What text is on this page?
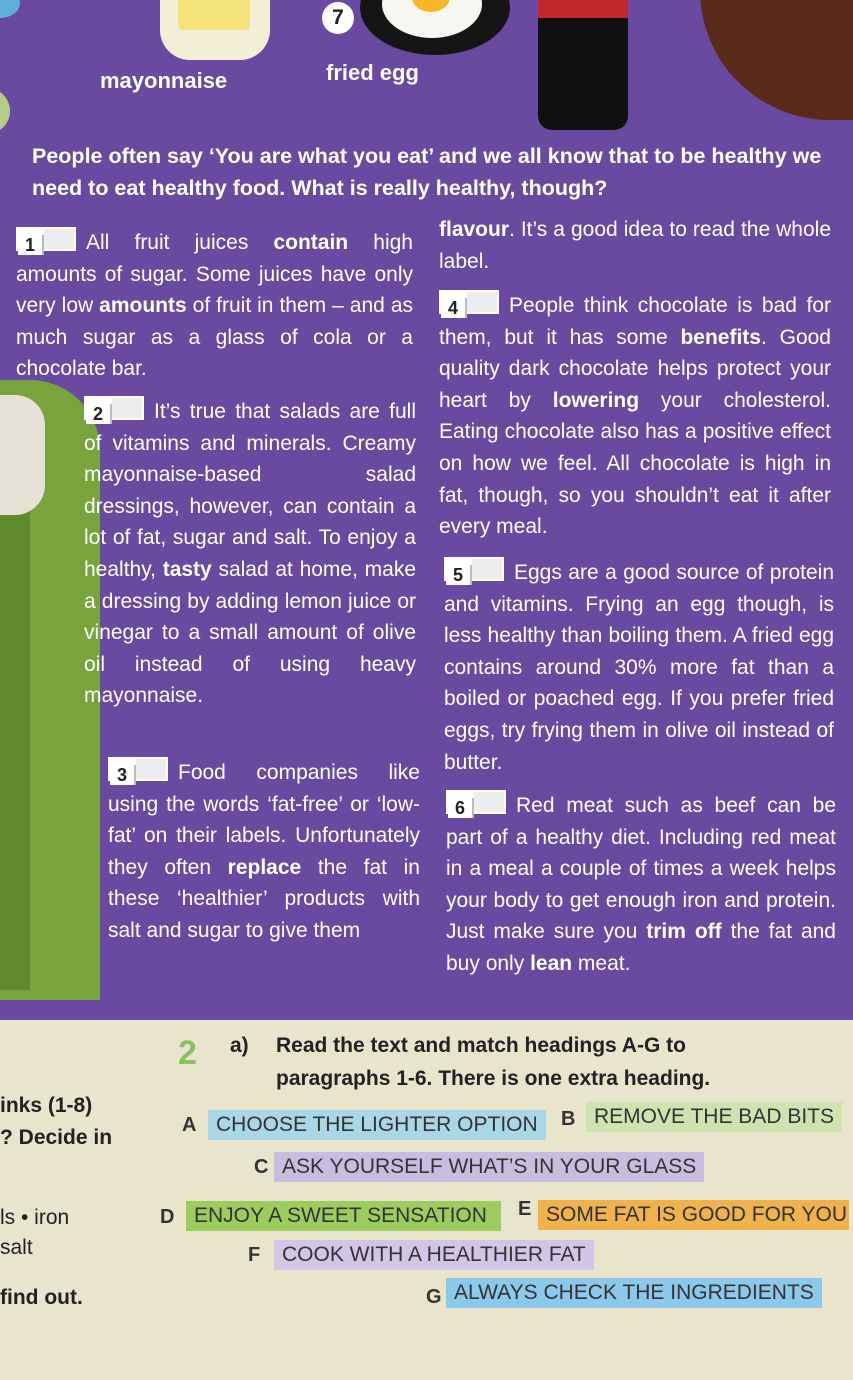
7
mayonnaise	fried egg
People often say ‘You are what you eat’ and we all know that to be healthy we need to eat healthy food. What is really healthy, though?
1 All fruit juices contain high amounts of sugar. Some juices have only very low amounts of fruit in them – and as much sugar as a glass of cola or a chocolate bar.
2 It’s true that salads are full of vitamins and minerals. Creamy mayonnaise-based salad dressings, however, can contain a lot of fat, sugar and salt. To enjoy a healthy, tasty salad at home, make a dressing by adding lemon juice or vinegar to a small amount of olive oil instead of using heavy mayonnaise.
3 Food companies like using the words ‘fat-free’ or ‘low-fat’ on their labels. Unfortunately they often replace the fat in these ‘healthier’ products with salt and sugar to give them
flavour. It’s a good idea to read the whole label.
4 People think chocolate is bad for them, but it has some benefits. Good quality dark chocolate helps protect your heart by lowering your cholesterol. Eating chocolate also has a positive effect on how we feel. All chocolate is high in fat, though, so you shouldn’t eat it after every meal.
5 Eggs are a good source of protein and vitamins. Frying an egg though, is less healthy than boiling them. A fried egg contains around 30% more fat than a boiled or poached egg. If you prefer fried eggs, try frying them in olive oil instead of butter.
6 Red meat such as beef can be part of a healthy diet. Including red meat in a meal a couple of times a week helps your body to get enough iron and protein. Just make sure you trim off the fat and buy only lean meat.
inks (1-8)
? Decide in
ls • iron
salt
find out.
2 a) Read the text and match headings A-G to
paragraphs 1-6. There is one extra heading.
A CHOOSE THE LIGHTER OPTION	B REMOVE THE BAD BITS
C ASK YOURSELF WHAT’S IN YOUR GLASS
D ENJOY A SWEET SENSATION	E SOME FAT IS GOOD FOR YOU
F	COOK WITH A HEALTHIER FAT
G ALWAYS CHECK THE INGREDIENTS
